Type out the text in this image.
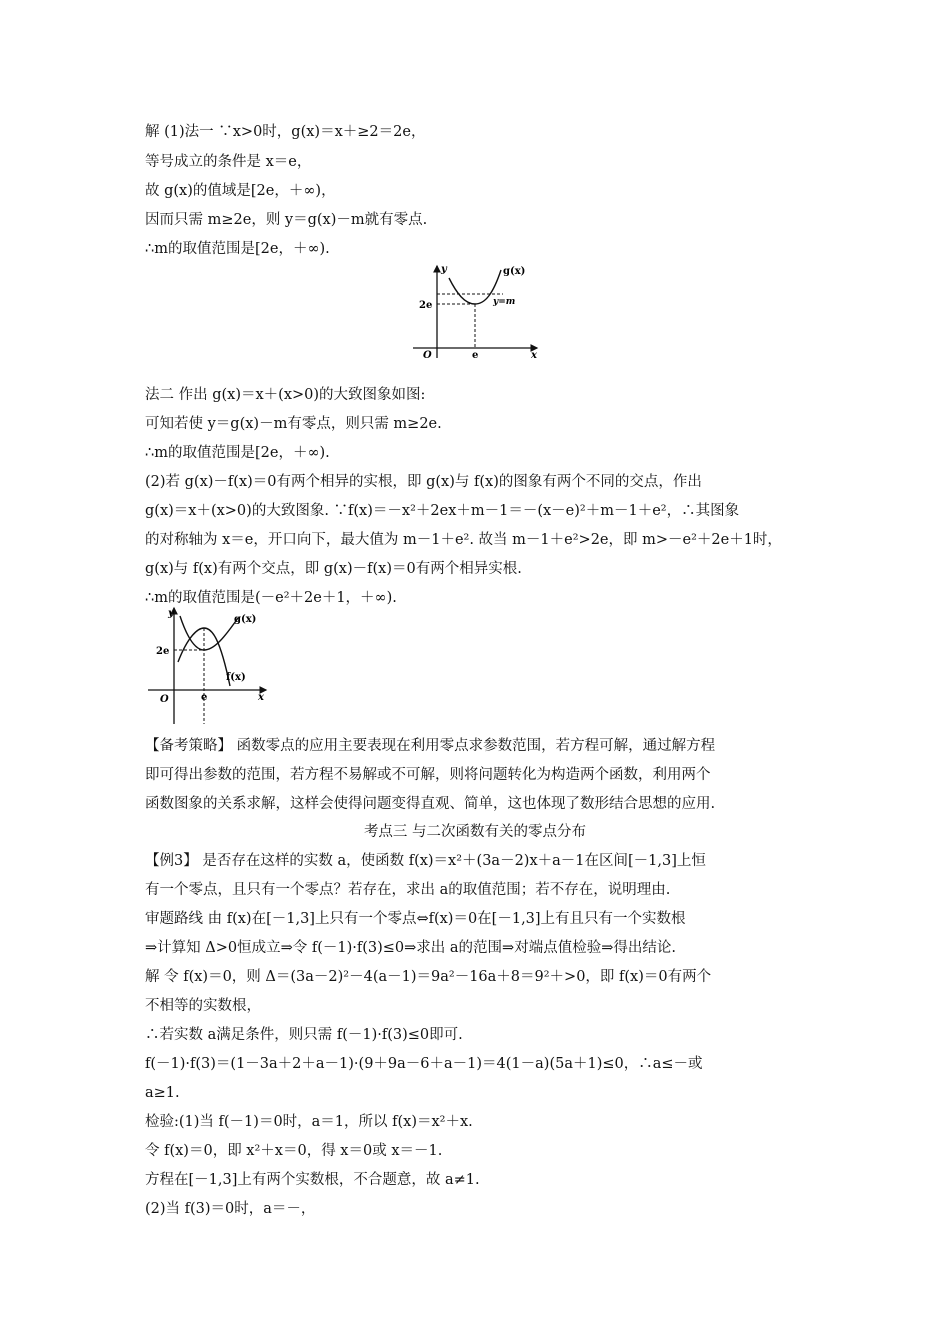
解 (1)法一 ∵x>0时，g(x)＝x＋≥2＝2e，
等号成立的条件是 x＝e，
故 g(x)的值域是[2e，＋∞)，
因而只需 m≥2e，则 y＝g(x)－m就有零点.
∴m的取值范围是[2e，＋∞).
y
x
O
g(x)
y=m
2e
e
法二 作出 g(x)＝x＋(x>0)的大致图象如图:
可知若使 y＝g(x)－m有零点，则只需 m≥2e.
∴m的取值范围是[2e，＋∞).
(2)若 g(x)－f(x)＝0有两个相异的实根，即 g(x)与 f(x)的图象有两个不同的交点，作出
g(x)＝x＋(x>0)的大致图象. ∵f(x)＝－x²＋2ex＋m－1＝－(x－e)²＋m－1＋e²，∴其图象
的对称轴为 x＝e，开口向下，最大值为 m－1＋e². 故当 m－1＋e²>2e，即 m>－e²＋2e＋1时，
g(x)与 f(x)有两个交点，即 g(x)－f(x)＝0有两个相异实根.
∴m的取值范围是(－e²＋2e＋1，＋∞).
y
x
O
g(x)
f(x)
2e
e
【备考策略】 函数零点的应用主要表现在利用零点求参数范围，若方程可解，通过解方程
即可得出参数的范围，若方程不易解或不可解，则将问题转化为构造两个函数，利用两个
函数图象的关系求解，这样会使得问题变得直观、简单，这也体现了数形结合思想的应用.
考点三 与二次函数有关的零点分布
【例3】 是否存在这样的实数 a，使函数 f(x)＝x²＋(3a－2)x＋a－1在区间[－1,3]上恒
有一个零点，且只有一个零点？若存在，求出 a的取值范围；若不存在，说明理由.
审题路线 由 f(x)在[－1,3]上只有一个零点⇔f(x)＝0在[－1,3]上有且只有一个实数根
⇒计算知 Δ>0恒成立⇒令 f(－1)·f(3)≤0⇒求出 a的范围⇒对端点值检验⇒得出结论.
解 令 f(x)＝0，则 Δ＝(3a－2)²－4(a－1)＝9a²－16a＋8＝9²＋>0，即 f(x)＝0有两个
不相等的实数根，
∴若实数 a满足条件，则只需 f(－1)·f(3)≤0即可.
f(－1)·f(3)＝(1－3a＋2＋a－1)·(9＋9a－6＋a－1)＝4(1－a)(5a＋1)≤0，∴a≤－或
a≥1.
检验:(1)当 f(－1)＝0时，a＝1，所以 f(x)＝x²＋x.
令 f(x)＝0，即 x²＋x＝0，得 x＝0或 x＝－1.
方程在[－1,3]上有两个实数根，不合题意，故 a≠1.
(2)当 f(3)＝0时，a＝－，
